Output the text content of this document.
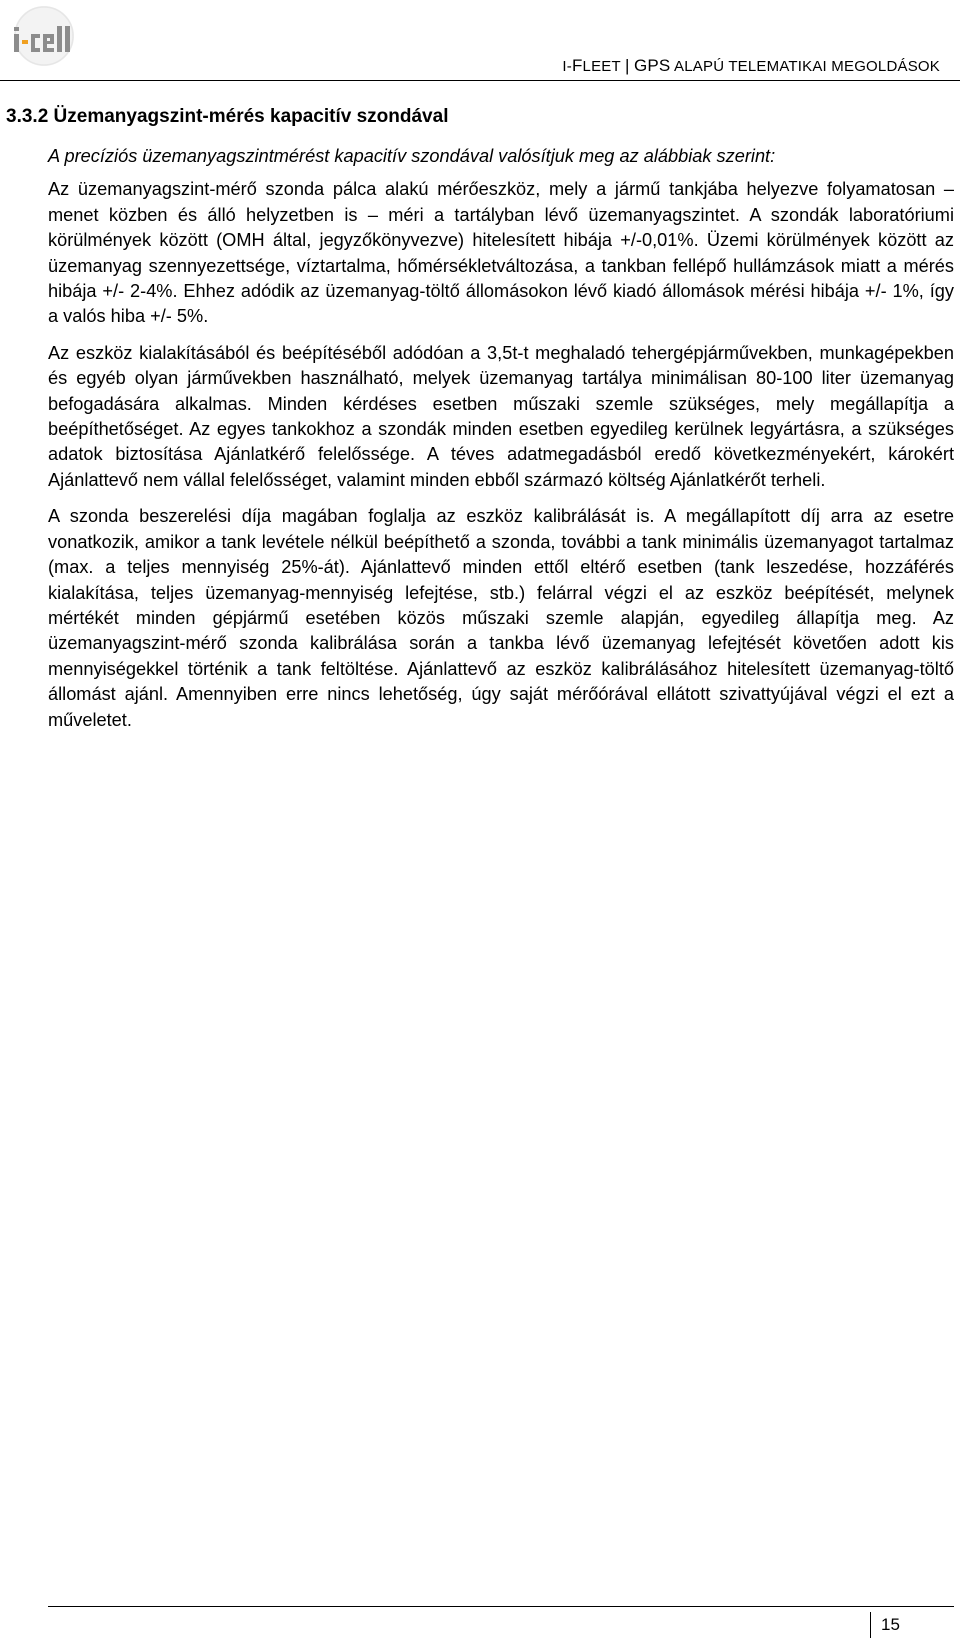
I-FLEET | GPS ALAPÚ TELEMATIKAI MEGOLDÁSOK
3.3.2 Üzemanyagszint-mérés kapacitív szondával

A precíziós üzemanyagszintmérést kapacitív szondával valósítjuk meg az alábbiak szerint:

Az üzemanyagszint-mérő szonda pálca alakú mérőeszköz, mely a jármű tankjába helyezve folyamatosan – menet közben és álló helyzetben is – méri a tartályban lévő üzemanyagszintet. A szondák laboratóriumi körülmények között (OMH által, jegyzőkönyvezve) hitelesített hibája +/-0,01%. Üzemi körülmények között az üzemanyag szennyezettsége, víztartalma, hőmérsékletváltozása, a tankban fellépő hullámzások miatt a mérés hibája +/- 2-4%. Ehhez adódik az üzemanyag-töltő állomásokon lévő kiadó állomások mérési hibája +/- 1%, így a valós hiba +/- 5%.

Az eszköz kialakításából és beépítéséből adódóan a 3,5t-t meghaladó tehergépjárművekben, munkagépekben és egyéb olyan járművekben használható, melyek üzemanyag tartálya minimálisan 80-100 liter üzemanyag befogadására alkalmas. Minden kérdéses esetben műszaki szemle szükséges, mely megállapítja a beépíthetőséget. Az egyes tankokhoz a szondák minden esetben egyedileg kerülnek legyártásra, a szükséges adatok biztosítása Ajánlatkérő felelőssége. A téves adatmegadásból eredő következményekért, károkért Ajánlattevő nem vállal felelősséget, valamint minden ebből származó költség Ajánlatkérőt terheli.

A szonda beszerelési díja magában foglalja az eszköz kalibrálását is. A megállapított díj arra az esetre vonatkozik, amikor a tank levétele nélkül beépíthető a szonda, további a tank minimális üzemanyagot tartalmaz (max. a teljes mennyiség 25%-át). Ajánlattevő minden ettől eltérő esetben (tank leszedése, hozzáférés kialakítása, teljes üzemanyag-mennyiség lefejtése, stb.) felárral végzi el az eszköz beépítését, melynek mértékét minden gépjármű esetében közös műszaki szemle alapján, egyedileg állapítja meg. Az üzemanyagszint-mérő szonda kalibrálása során a tankba lévő üzemanyag lefejtését követően adott kis mennyiségekkel történik a tank feltöltése. Ajánlattevő az eszköz kalibrálásához hitelesített üzemanyag-töltő állomást ajánl. Amennyiben erre nincs lehetőség, úgy saját mérőórával ellátott szivattyújával végzi el ezt a műveletet.

15
